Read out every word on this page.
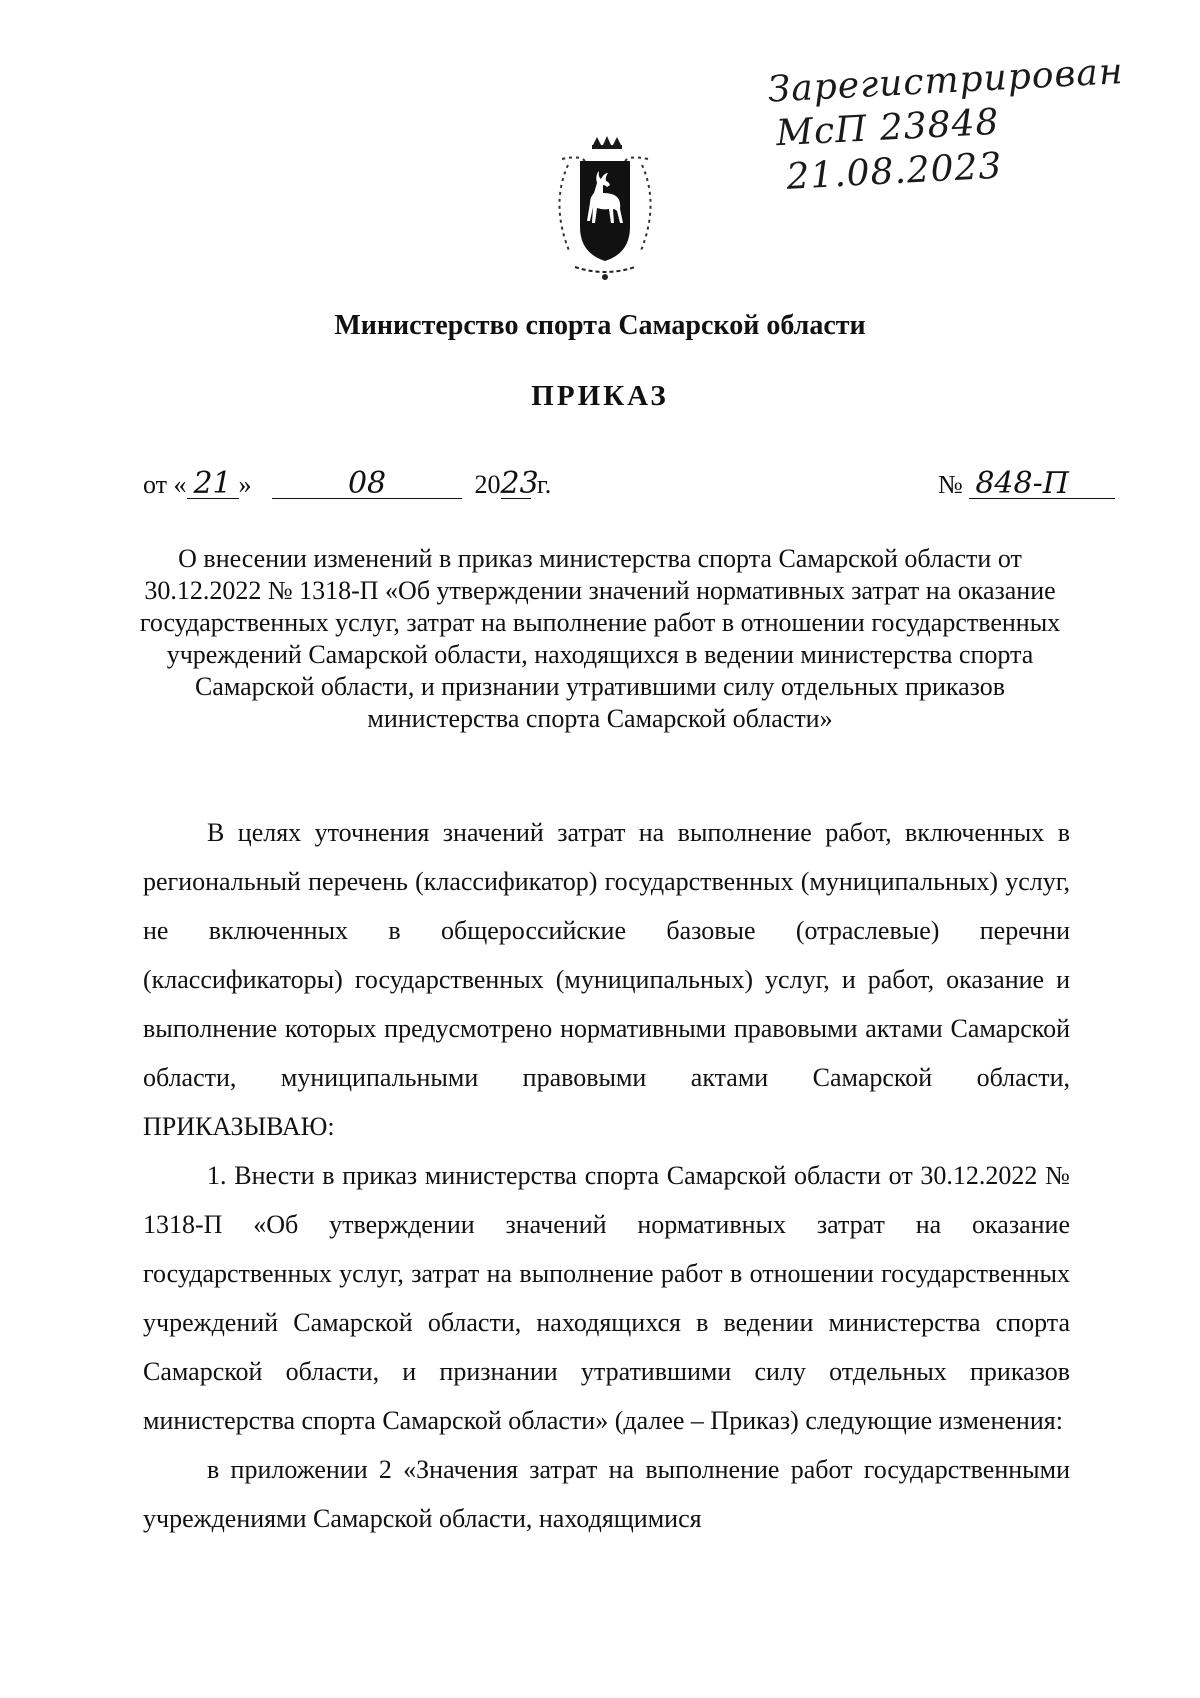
Зарегистрирован
МсП 23848
21.08.2023
Министерство спорта Самарской области
ПРИКАЗ
от « 21 »	08	2023 г.	№ 848-П
О внесении изменений в приказ министерства спорта Самарской области от 30.12.2022 № 1318-П «Об утверждении значений нормативных затрат на оказание государственных услуг, затрат на выполнение работ в отношении государственных учреждений Самарской области, находящихся в ведении министерства спорта Самарской области, и признании утратившими силу отдельных приказов министерства спорта Самарской области»

В целях уточнения значений затрат на выполнение работ, включенных в региональный перечень (классификатор) государственных (муниципальных) услуг, не включенных в общероссийские базовые (отраслевые) перечни (классификаторы) государственных (муниципальных) услуг, и работ, оказание и выполнение которых предусмотрено нормативными правовыми актами Самарской области, муниципальными правовыми актами Самарской области, ПРИКАЗЫВАЮ:

1. Внести в приказ министерства спорта Самарской области от 30.12.2022 № 1318-П «Об утверждении значений нормативных затрат на оказание государственных услуг, затрат на выполнение работ в отношении государственных учреждений Самарской области, находящихся в ведении министерства спорта Самарской области, и признании утратившими силу отдельных приказов министерства спорта Самарской области» (далее – Приказ) следующие изменения:

в приложении 2 «Значения затрат на выполнение работ государственными учреждениями Самарской области, находящимися
